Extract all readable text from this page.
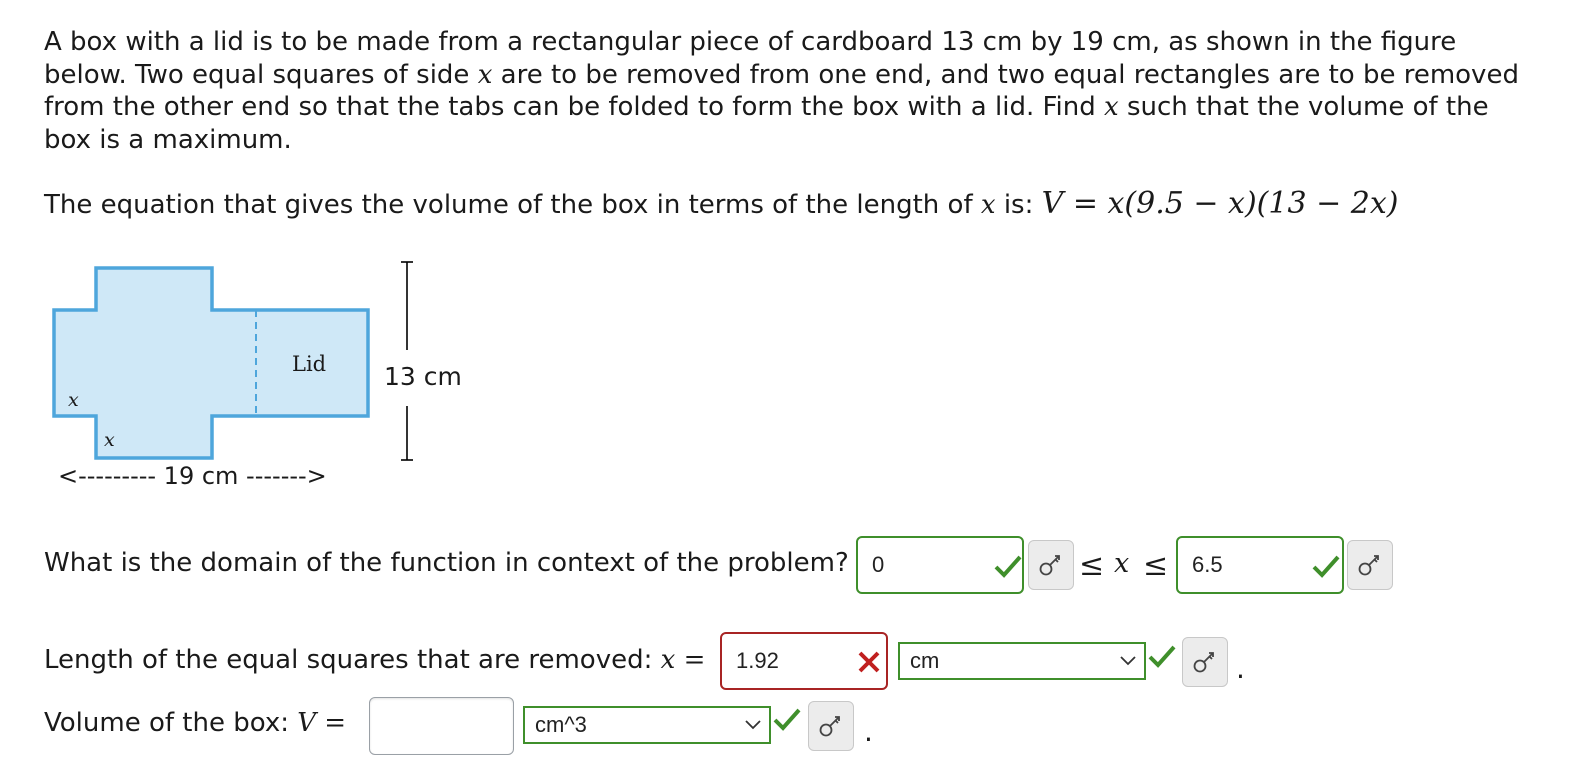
A box with a lid is to be made from a rectangular piece of cardboard 13 cm by 19 cm, as shown in the figure below. Two equal squares of side x are to be removed from one end, and two equal rectangles are to be removed from the other end so that the tabs can be folded to form the box with a lid. Find x such that the volume of the box is a maximum.

The equation that gives the volume of the box in terms of the length of x is: V = x(9.5 − x)(13 − 2x)

Lid 13 cm
x
x
<--------- 19 cm ------->
What is the domain of the function in context of the problem?	0	≤ x ≤	6.5
Length of the equal squares that are removed: x =	1.92	cm	.
Volume of the box: V =	cm^3	.
